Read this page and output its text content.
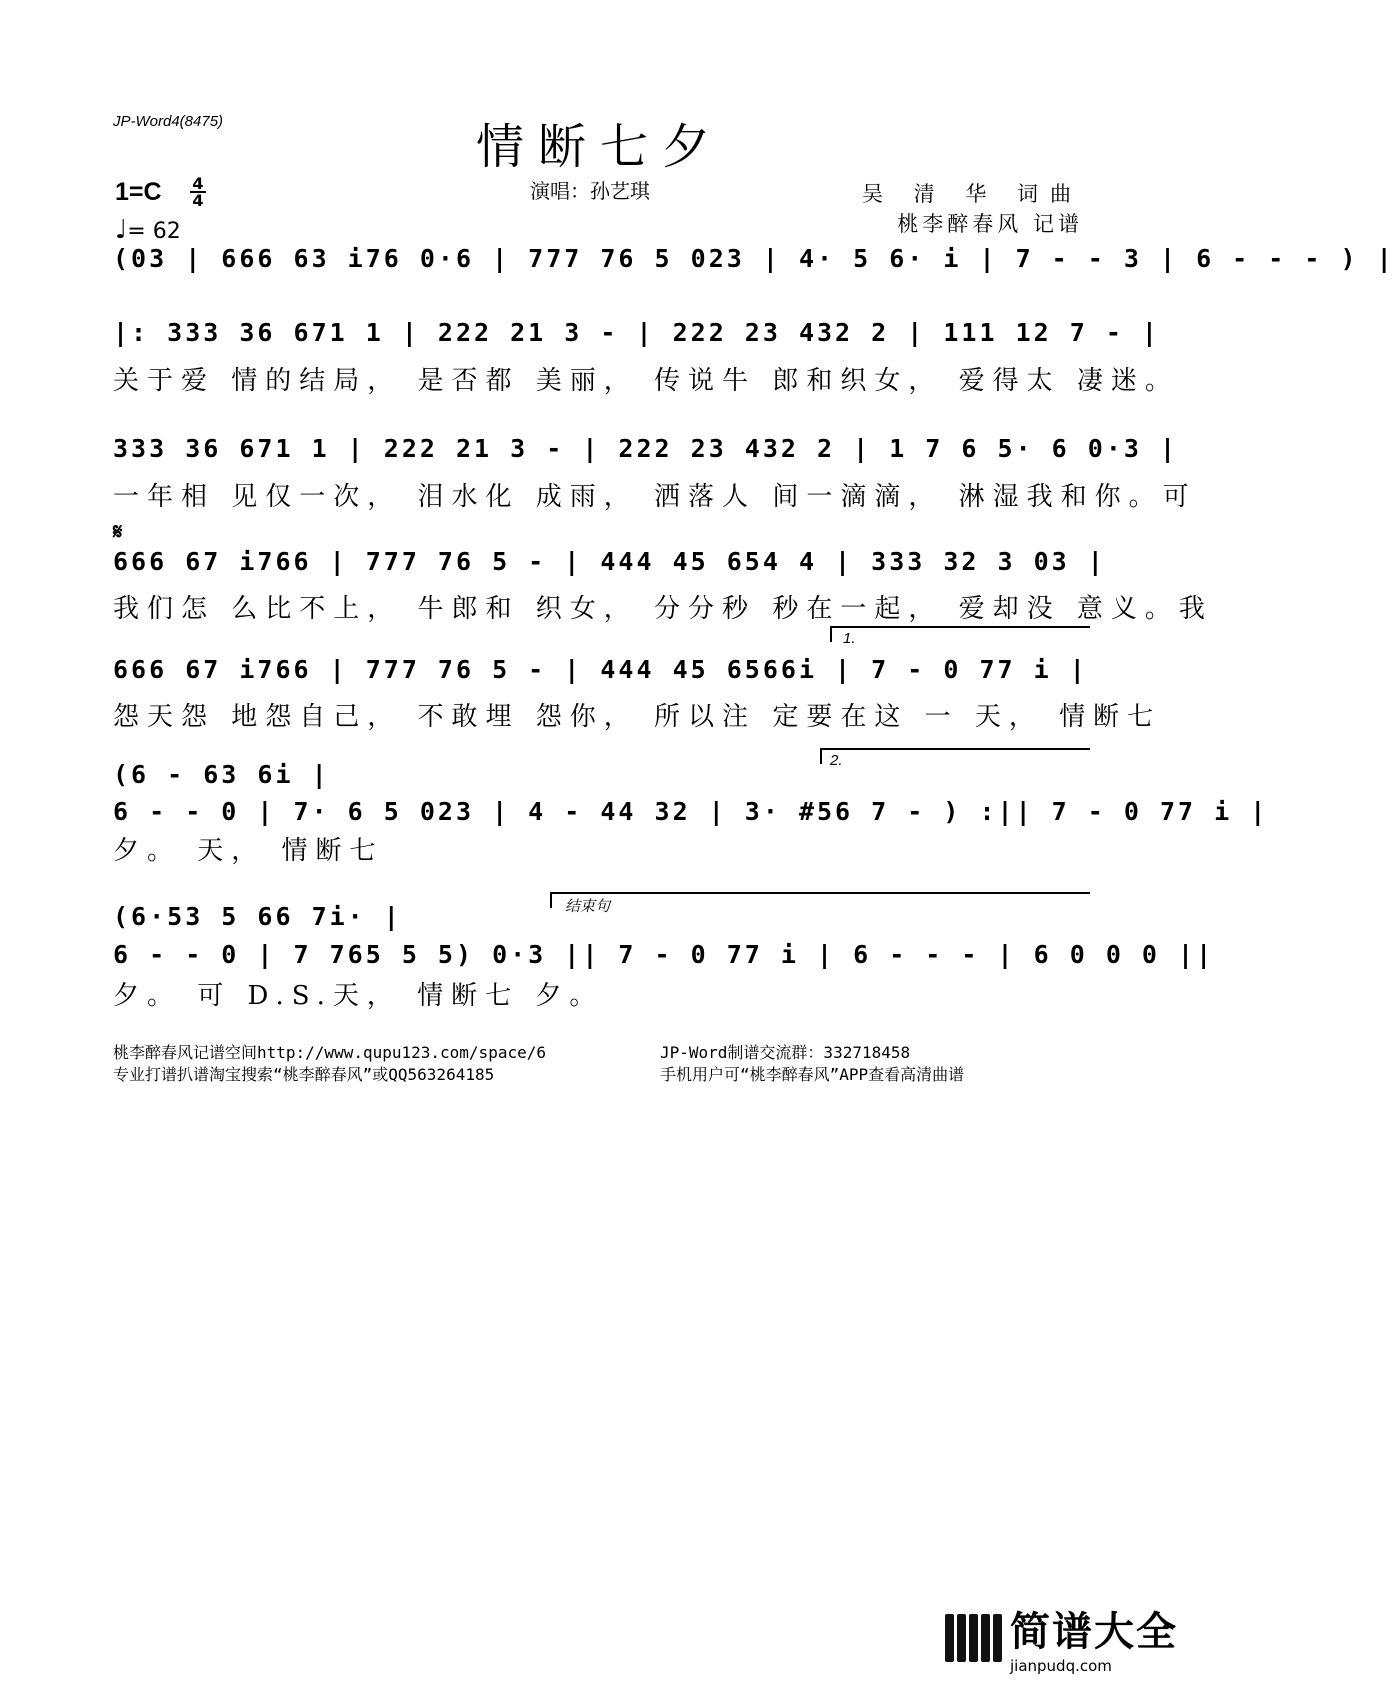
JP-Word4(8475)	情断七夕
演唱：孙艺琪	吴 清 华 词曲
桃李醉春风 记谱
1=C 4
4
♩= 62
(03 | 666 63 i76 0·6 | 777 76 5 023 | 4· 5 6· i | 7 - - 3 | 6 - - - ) |
|: 333 36 671 1 | 222 21 3 - | 222 23 432 2 | 111 12 7 - |
关于爱 情的结局， 是否都 美丽， 传说牛 郎和织女， 爱得太 凄迷。
333 36 671 1 | 222 21 3 - | 222 23 432 2 | 1 7 6 5· 6 0·3 |
一年相 见仅一次， 泪水化 成雨， 洒落人 间一滴滴， 淋湿我和你。可
𝄋
666 67 i766 | 777 76 5 - | 444 45 654 4 | 333 32 3 03 |
我们怎 么比不上， 牛郎和 织女， 分分秒 秒在一起， 爱却没 意义。我
1.
666 67 i766 | 777 76 5 - | 444 45 6566i | 7 - 0 77 i |
怨天怨 地怨自己， 不敢埋 怨你， 所以注 定要在这 一 天， 情断七
2.
(6 - 63 6i |
6 - - 0 | 7· 6 5 023 | 4 - 44 32 | 3· #56 7 - ) :|| 7 - 0 77 i |
夕。 天， 情断七
结束句
(6·53 5 66 7i· |
6 - - 0 | 7 765 5 5) 0·3 || 7 - 0 77 i | 6 - - - | 6 0 0 0 ||
夕。 可 D.S.天， 情断七 夕。
桃李醉春风记谱空间http://www.qupu123.com/space/6
专业打谱扒谱淘宝搜索“桃李醉春风”或QQ563264185
JP-Word制谱交流群：332718458
手机用户可“桃李醉春风”APP查看高清曲谱
简谱大全
jianpudq.com
